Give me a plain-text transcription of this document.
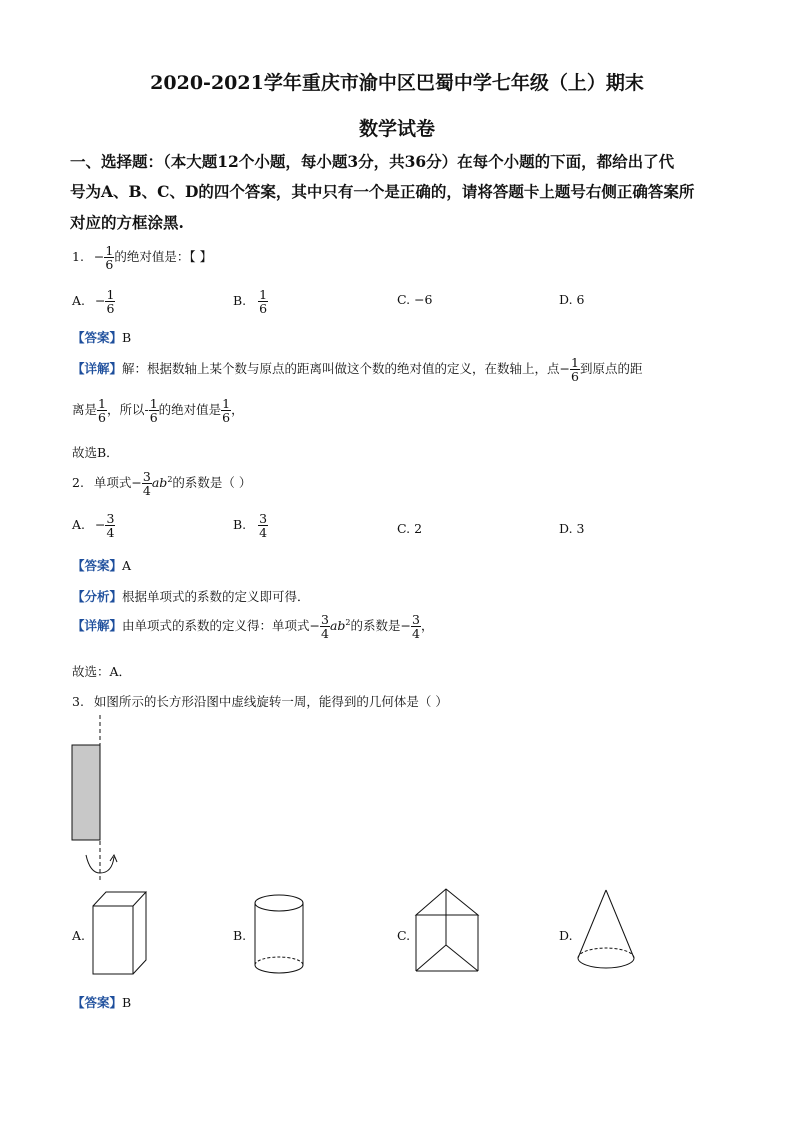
2020-2021学年重庆市渝中区巴蜀中学七年级（上）期末
数学试卷
一、选择题：（本大题12个小题，每小题3分，共36分）在每个小题的下面，都给出了代
号为A、B、C、D的四个答案，其中只有一个是正确的，请将答题卡上题号右侧正确答案所
对应的方框涂黑.
1. − $\frac{1}{6}$ 的绝对值是：【 】
A. − $\frac{1}{6}$	B. $\frac{1}{6}$	C. −6	D. 6
【答案】B
【详解】解：根据数轴上某个数与原点的距离叫做这个数的绝对值的定义，在数轴上，点− $\frac{1}{6}$ 到原点的距
离是 $\frac{1}{6}$ ，所以- $\frac{1}{6}$ 的绝对值是 $\frac{1}{6}$ ，
故选B．
2. 单项式− $\frac{3}{4} ab^2$的系数是（ ）
A. − $\frac{3}{4}$	B. $\frac{3}{4}$	C. 2	D. 3
【答案】A
【分析】根据单项式的系数的定义即可得．
【详解】由单项式的系数的定义得：单项式− $\frac{3}{4} ab^2$的系数是− $\frac{3}{4}$ ，
故选：A．
3. 如图所示的长方形沿图中虚线旋转一周，能得到的几何体是（ ）
A.	B.	C.	D.
【答案】B
